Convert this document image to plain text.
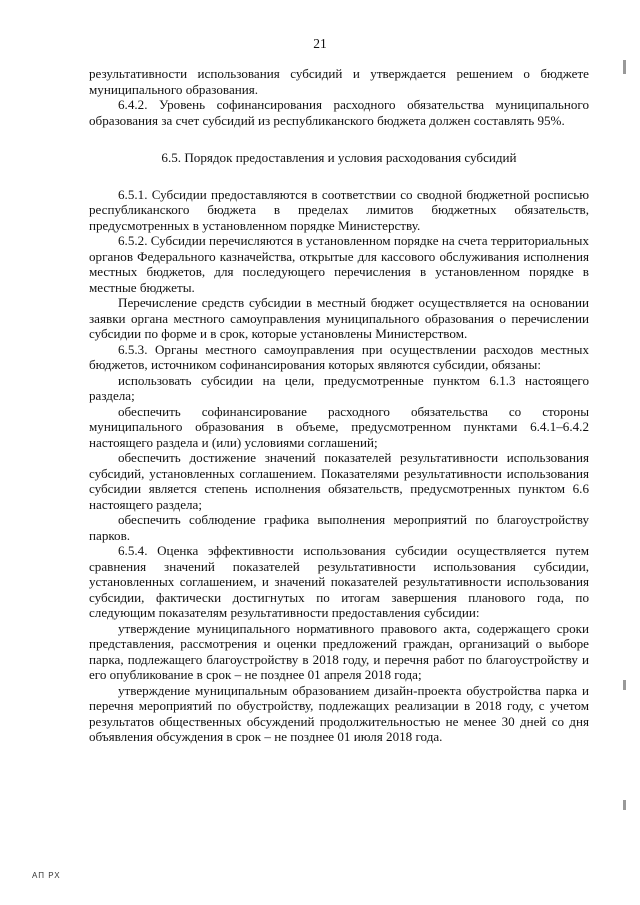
21

результативности использования субсидий и утверждается решением о бюджете муниципального образования.

6.4.2. Уровень софинансирования расходного обязательства муниципального образования за счет субсидий из республиканского бюджета должен составлять 95%.

6.5. Порядок предоставления и условия расходования субсидий

6.5.1. Субсидии предоставляются в соответствии со сводной бюджетной росписью республиканского бюджета в пределах лимитов бюджетных обязательств, предусмотренных в установленном порядке Министерству.

6.5.2. Субсидии перечисляются в установленном порядке на счета территориальных органов Федерального казначейства, открытые для кассового обслуживания исполнения местных бюджетов, для последующего перечисления в установленном порядке в местные бюджеты.

Перечисление средств субсидии в местный бюджет осуществляется на основании заявки органа местного самоуправления муниципального образования о перечислении субсидии по форме и в срок, которые установлены Министерством.

6.5.3. Органы местного самоуправления при осуществлении расходов местных бюджетов, источником софинансирования которых являются субсидии, обязаны:

использовать субсидии на цели, предусмотренные пунктом 6.1.3 настоящего раздела;

обеспечить софинансирование расходного обязательства со стороны муниципального образования в объеме, предусмотренном пунктами 6.4.1–6.4.2 настоящего раздела и (или) условиями соглашений;

обеспечить достижение значений показателей результативности использования субсидий, установленных соглашением. Показателями результативности использования субсидии является степень исполнения обязательств, предусмотренных пунктом 6.6 настоящего раздела;

обеспечить соблюдение графика выполнения мероприятий по благоустройству парков.

6.5.4. Оценка эффективности использования субсидии осуществляется путем сравнения значений показателей результативности использования субсидии, установленных соглашением, и значений показателей результативности использования субсидии, фактически достигнутых по итогам завершения планового года, по следующим показателям результативности предоставления субсидии:

утверждение муниципального нормативного правового акта, содержащего сроки представления, рассмотрения и оценки предложений граждан, организаций о выборе парка, подлежащего благоустройству в 2018 году, и перечня работ по благоустройству и его опубликование в срок – не позднее 01 апреля 2018 года;

утверждение муниципальным образованием дизайн-проекта обустройства парка и перечня мероприятий по обустройству, подлежащих реализации в 2018 году, с учетом результатов общественных обсуждений продолжительностью не менее 30 дней со дня объявления обсуждения в срок – не позднее 01 июля 2018 года.

АП РХ
